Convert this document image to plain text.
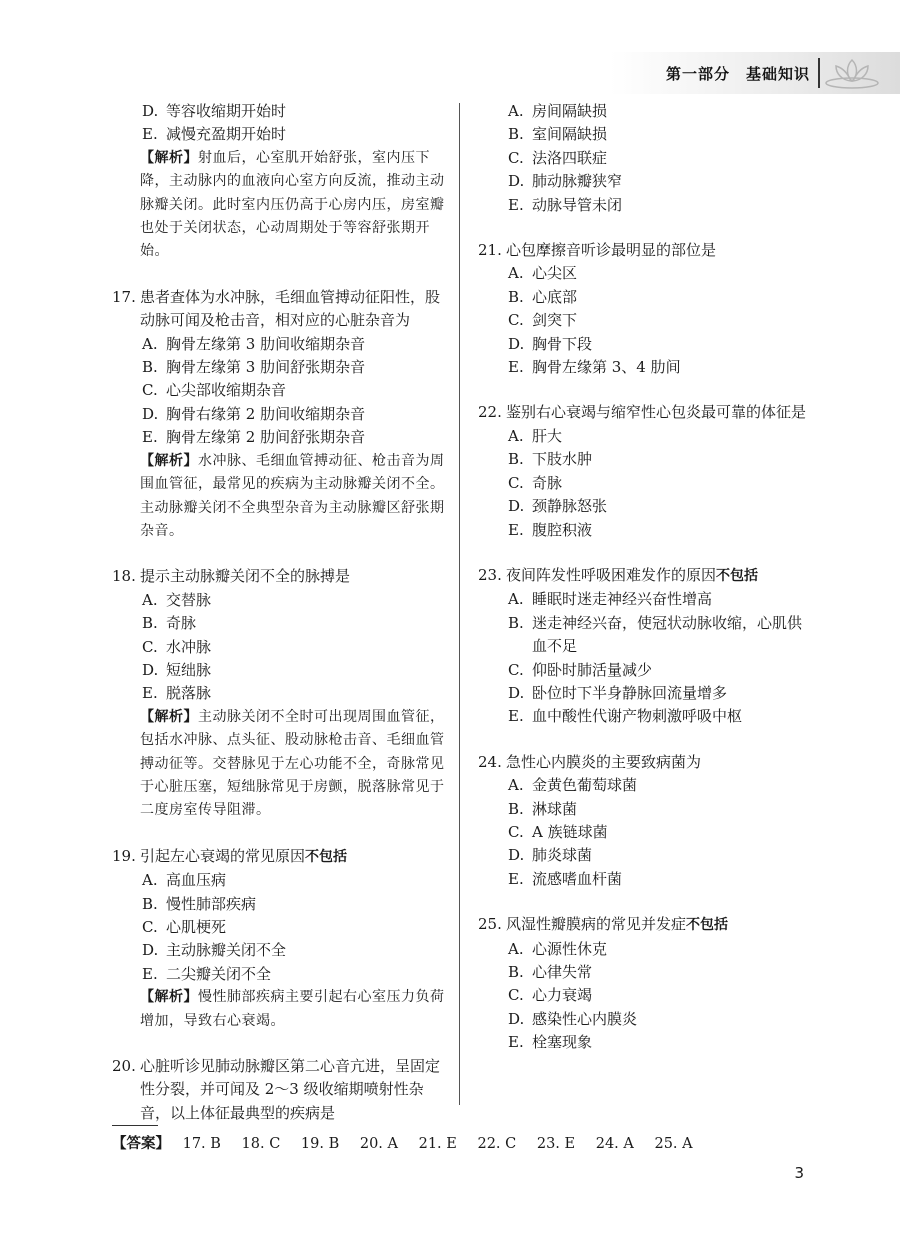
第一部分　基础知识
D. 等容收缩期开始时
E. 减慢充盈期开始时
【解析】射血后，心室肌开始舒张，室内压下降，主动脉内的血液向心室方向反流，推动主动脉瓣关闭。此时室内压仍高于心房内压，房室瓣也处于关闭状态，心动周期处于等容舒张期开始。
17. 患者查体为水冲脉，毛细血管搏动征阳性，股动脉可闻及枪击音，相对应的心脏杂音为
A. 胸骨左缘第 3 肋间收缩期杂音
B. 胸骨左缘第 3 肋间舒张期杂音
C. 心尖部收缩期杂音
D. 胸骨右缘第 2 肋间收缩期杂音
E. 胸骨左缘第 2 肋间舒张期杂音
【解析】水冲脉、毛细血管搏动征、枪击音为周围血管征，最常见的疾病为主动脉瓣关闭不全。主动脉瓣关闭不全典型杂音为主动脉瓣区舒张期杂音。
18. 提示主动脉瓣关闭不全的脉搏是
A. 交替脉
B. 奇脉
C. 水冲脉
D. 短绌脉
E. 脱落脉
【解析】主动脉关闭不全时可出现周围血管征，包括水冲脉、点头征、股动脉枪击音、毛细血管搏动征等。交替脉见于左心功能不全，奇脉常见于心脏压塞，短绌脉常见于房颤，脱落脉常见于二度房室传导阻滞。
19. 引起左心衰竭的常见原因不包括
A. 高血压病
B. 慢性肺部疾病
C. 心肌梗死
D. 主动脉瓣关闭不全
E. 二尖瓣关闭不全
【解析】慢性肺部疾病主要引起右心室压力负荷增加，导致右心衰竭。
20. 心脏听诊见肺动脉瓣区第二心音亢进，呈固定性分裂，并可闻及 2～3 级收缩期喷射性杂音，以上体征最典型的疾病是
A. 房间隔缺损
B. 室间隔缺损
C. 法洛四联症
D. 肺动脉瓣狭窄
E. 动脉导管未闭
21. 心包摩擦音听诊最明显的部位是
A. 心尖区
B. 心底部
C. 剑突下
D. 胸骨下段
E. 胸骨左缘第 3、4 肋间
22. 鉴别右心衰竭与缩窄性心包炎最可靠的体征是
A. 肝大
B. 下肢水肿
C. 奇脉
D. 颈静脉怒张
E. 腹腔积液
23. 夜间阵发性呼吸困难发作的原因不包括
A. 睡眠时迷走神经兴奋性增高
B. 迷走神经兴奋，使冠状动脉收缩，心肌供血不足
C. 仰卧时肺活量减少
D. 卧位时下半身静脉回流量增多
E. 血中酸性代谢产物刺激呼吸中枢
24. 急性心内膜炎的主要致病菌为
A. 金黄色葡萄球菌
B. 淋球菌
C. A 族链球菌
D. 肺炎球菌
E. 流感嗜血杆菌
25. 风湿性瓣膜病的常见并发症不包括
A. 心源性休克
B. 心律失常
C. 心力衰竭
D. 感染性心内膜炎
E. 栓塞现象
【答案】 17. B 18. C 19. B 20. A 21. E 22. C 23. E 24. A 25. A
3
